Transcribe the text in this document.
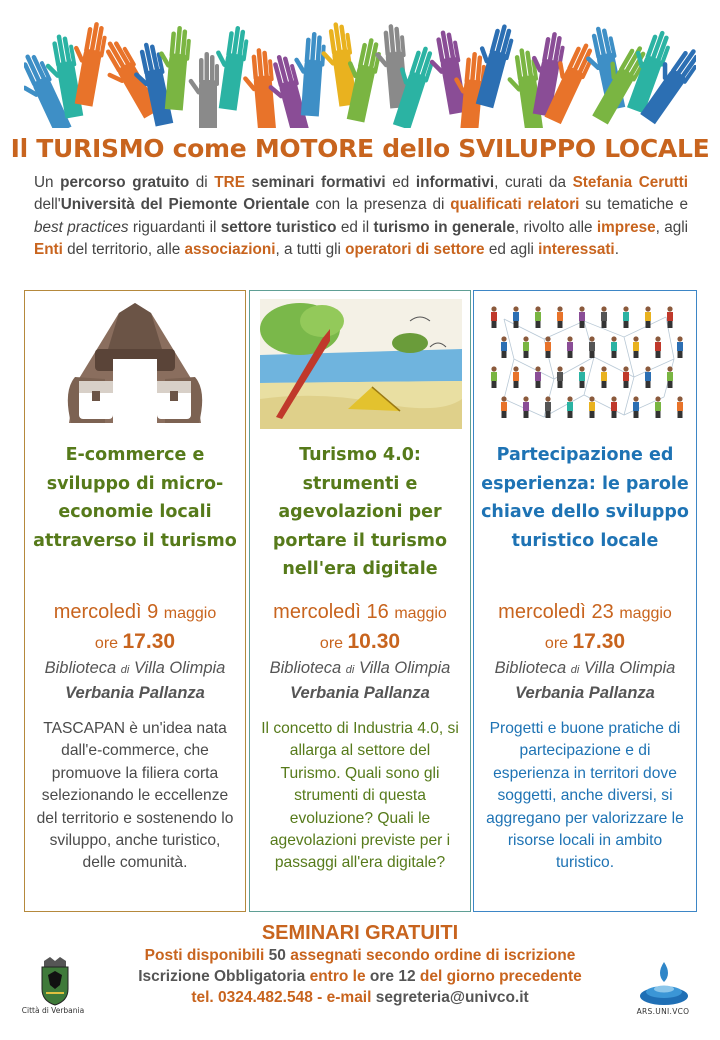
Il TURISMO come MOTORE dello SVILUPPO LOCALE
Un percorso gratuito di TRE seminari formativi ed informativi, curati da Stefania Cerutti dell'Università del Piemonte Orientale con la presenza di qualificati relatori su tematiche e best practices riguardanti il settore turistico ed il turismo in generale, rivolto alle imprese, agli Enti del territorio, alle associazioni, a tutti gli operatori di settore ed agli interessati.
E-commerce e sviluppo di micro-economie locali attraverso il turismo
mercoledì 9 maggio
ore 17.30
Biblioteca di Villa Olimpia
Verbania Pallanza
TASCAPAN è un'idea nata dall'e-commerce, che promuove la filiera corta selezionando le eccellenze del territorio e sostenendo lo sviluppo, anche turistico, delle comunità.
Turismo 4.0: strumenti e agevolazioni per portare il turismo nell'era digitale
mercoledì 16 maggio
ore 10.30
Biblioteca di Villa Olimpia
Verbania Pallanza
Il concetto di Industria 4.0, si allarga al settore del Turismo. Quali sono gli strumenti di questa evoluzione? Quali le agevolazioni previste per i passaggi all'era digitale?
Partecipazione ed esperienza: le parole chiave dello sviluppo turistico locale
mercoledì 23 maggio
ore 17.30
Biblioteca di Villa Olimpia
Verbania Pallanza
Progetti e buone pratiche di partecipazione e di esperienza in territori dove soggetti, anche diversi, si aggregano per valorizzare le risorse locali in ambito turistico.
SEMINARI GRATUITI
Posti disponibili 50 assegnati secondo ordine di iscrizione
Iscrizione Obbligatoria entro le ore 12 del giorno precedente
tel. 0324.482.548 - e-mail segreteria@univco.it
Città di Verbania	ARS.UNI.VCO
